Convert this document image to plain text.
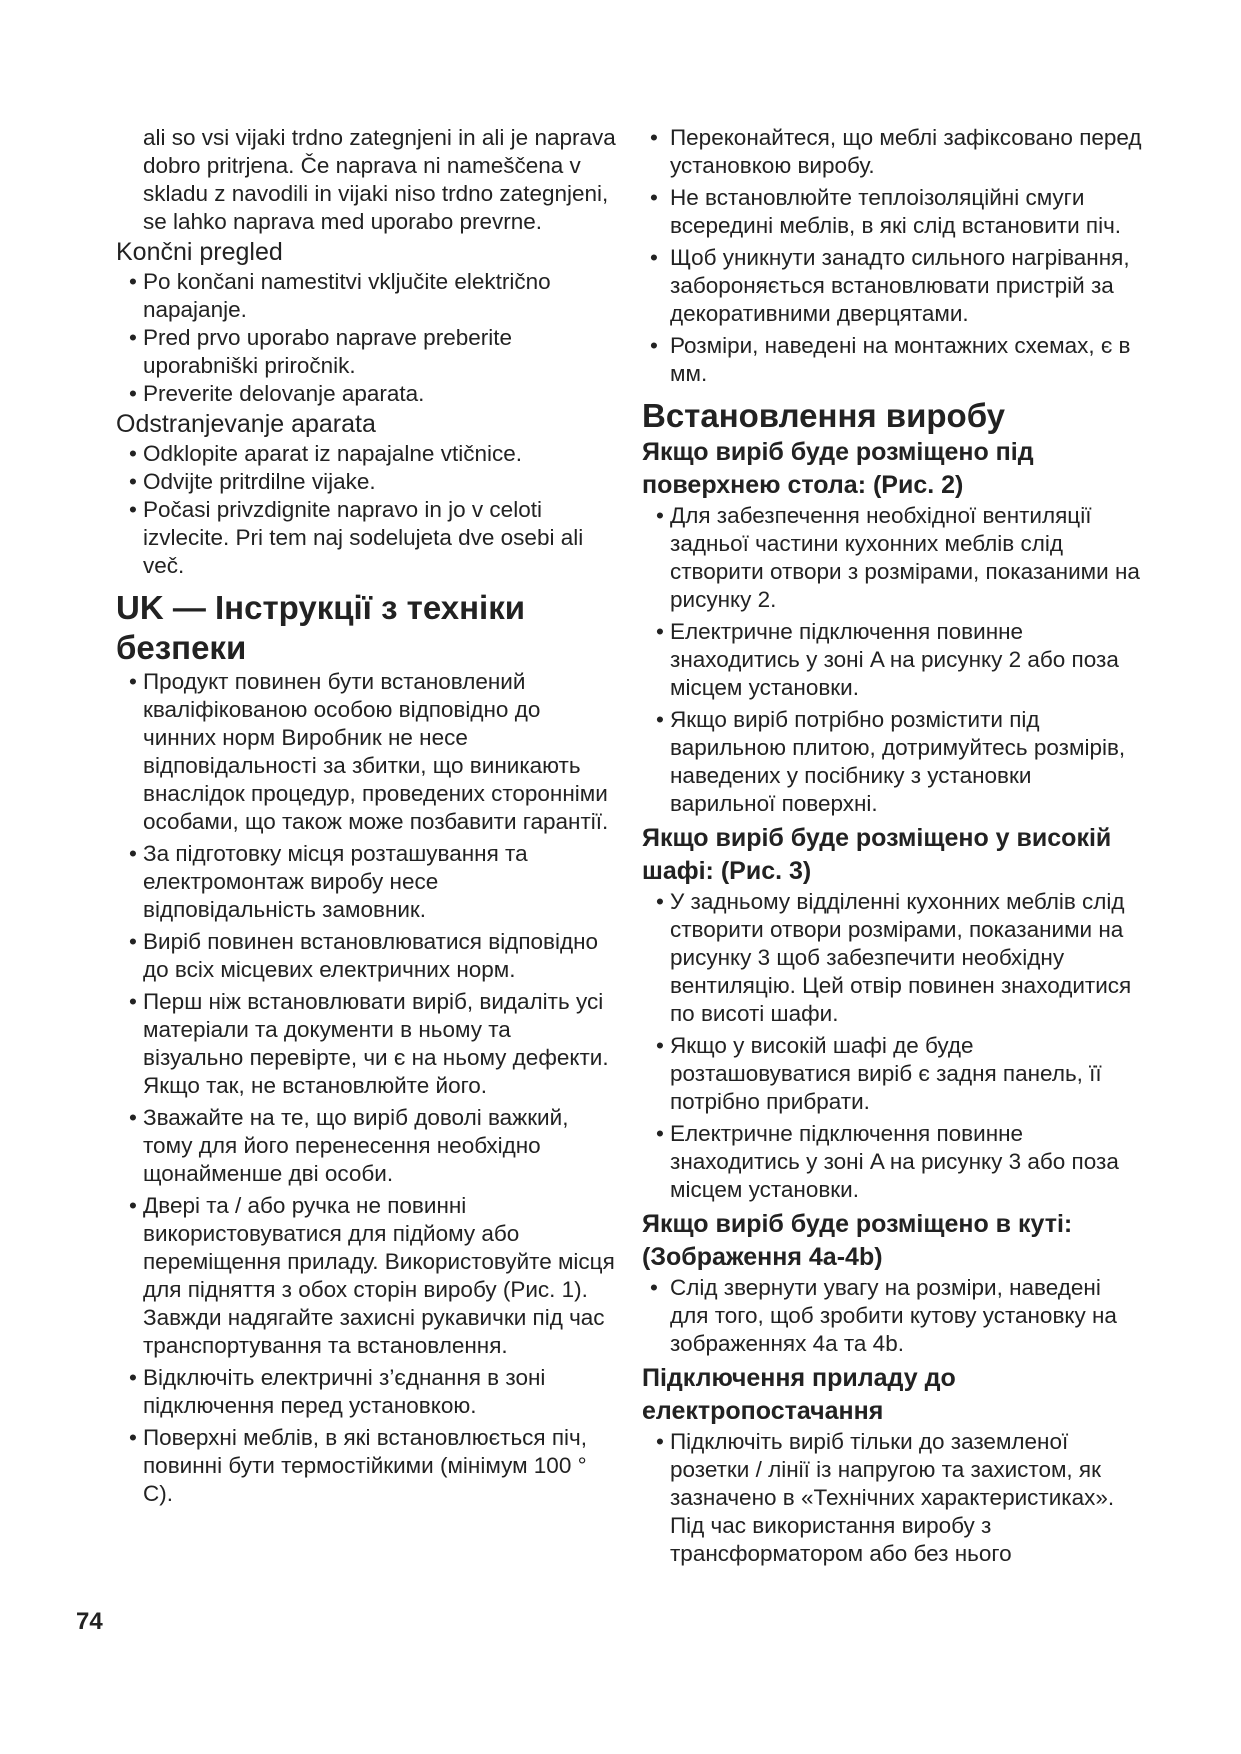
ali so vsi vijaki trdno zategnjeni in ali je naprava dobro pritrjena. Če naprava ni nameščena v skladu z navodili in vijaki niso trdno zategnjeni, se lahko naprava med uporabo prevrne.

Končni pregled
• Po končani namestitvi vključite električno napajanje.
• Pred prvo uporabo naprave preberite uporabniški priročnik.
• Preverite delovanje aparata.
Odstranjevanje aparata
• Odklopite aparat iz napajalne vtičnice.
• Odvijte pritrdilne vijake.
• Počasi privzdignite napravo in jo v celoti izvlecite. Pri tem naj sodelujeta dve osebi ali več.
UK — Інструкції з техніки безпеки
• Продукт повинен бути встановлений кваліфікованою особою відповідно до чинних норм Виробник не несе відповідальності за збитки, що виникають внаслідок процедур, проведених сторонніми особами, що також може позбавити гарантії.
• За підготовку місця розташування та електромонтаж виробу несе відповідальність замовник.
• Виріб повинен встановлюватися відповідно до всіх місцевих електричних норм.
• Перш ніж встановлювати виріб, видаліть усі матеріали та документи в ньому та візуально перевірте, чи є на ньому дефекти. Якщо так, не встановлюйте його.
• Зважайте на те, що виріб доволі важкий, тому для його перенесення необхідно щонайменше дві особи.
• Двері та / або ручка не повинні використовуватися для підйому або переміщення приладу. Використовуйте місця для підняття з обох сторін виробу (Рис. 1). Завжди надягайте захисні рукавички під час транспортування та встановлення.
• Відключіть електричні з’єднання в зоні підключення перед установкою.
• Поверхні меблів, в які встановлюється піч, повинні бути термостійкими (мінімум 100 ° C).
• Переконайтеся, що меблі зафіксовано перед установкою виробу.
• Не встановлюйте теплоізоляційні смуги всередині меблів, в які слід встановити піч.
• Щоб уникнути занадто сильного нагрівання, забороняється встановлювати пристрій за декоративними дверцятами.
• Розміри, наведені на монтажних схемах, є в мм.
Встановлення виробу
Якщо виріб буде розміщено під поверхнею стола: (Рис. 2)
• Для забезпечення необхідної вентиляції задньої частини кухонних меблів слід створити отвори з розмірами, показаними на рисунку 2.
• Електричне підключення повинне знаходитись у зоні A на рисунку 2 або поза місцем установки.
• Якщо виріб потрібно розмістити під варильною плитою, дотримуйтесь розмірів, наведених у посібнику з установки варильної поверхні.
Якщо виріб буде розміщено у високій шафі: (Рис. 3)
• У задньому відділенні кухонних меблів слід створити отвори розмірами, показаними на рисунку 3 щоб забезпечити необхідну вентиляцію. Цей отвір повинен знаходитися по висоті шафи.
• Якщо у високій шафі де буде розташовуватися виріб є задня панель, її потрібно прибрати.
• Електричне підключення повинне знаходитись у зоні A на рисунку 3 або поза місцем установки.
Якщо виріб буде розміщено в куті: (Зображення 4a-4b)
• Слід звернути увагу на розміри, наведені для того, щоб зробити кутову установку на зображеннях 4a та 4b.
Підключення приладу до електропостачання
• Підключіть виріб тільки до заземленої розетки / лінії із напругою та захистом, як зазначено в «Технічних характеристиках». Під час використання виробу з трансформатором або без нього
74
